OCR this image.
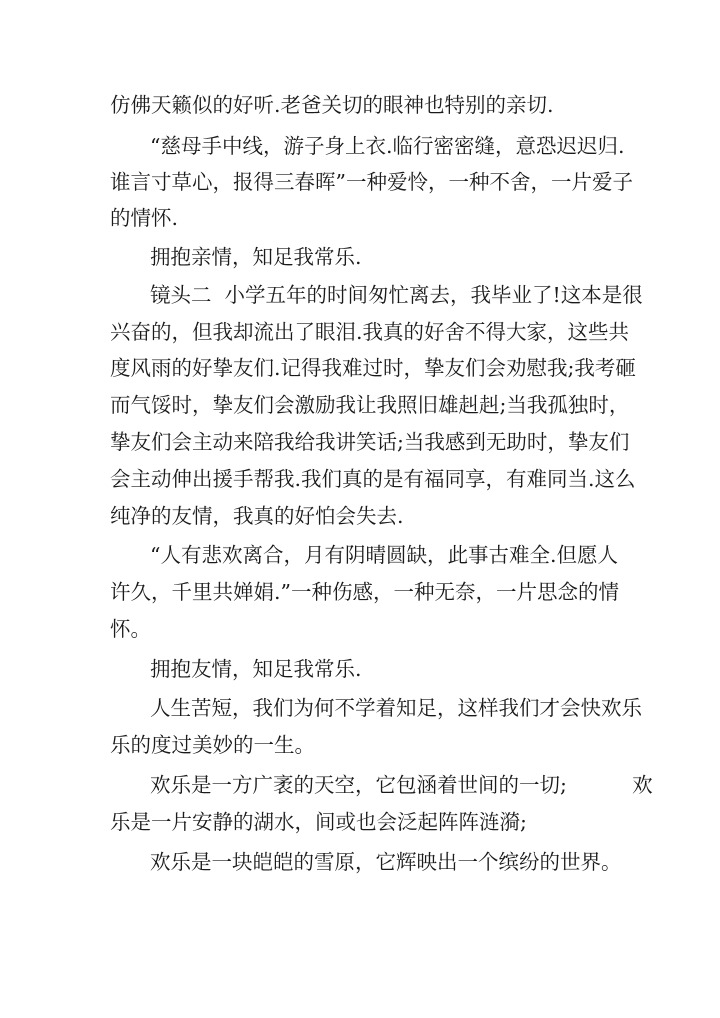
仿佛天籁似的好听.老爸关切的眼神也特别的亲切.
“慈母手中线，游子身上衣.临行密密缝，意恐迟迟归.
谁言寸草心，报得三春晖”一种爱怜，一种不舍，一片爱子
的情怀.
拥抱亲情，知足我常乐.
镜头二  小学五年的时间匆忙离去，我毕业了!这本是很
兴奋的，但我却流出了眼泪.我真的好舍不得大家，这些共
度风雨的好挚友们.记得我难过时，挚友们会劝慰我;我考砸
而气馁时，挚友们会激励我让我照旧雄赳赳;当我孤独时，
挚友们会主动来陪我给我讲笑话;当我感到无助时，挚友们
会主动伸出援手帮我.我们真的是有福同享，有难同当.这么
纯净的友情，我真的好怕会失去.
“人有悲欢离合，月有阴晴圆缺，此事古难全.但愿人
许久，千里共婵娟.”一种伤感，一种无奈，一片思念的情
怀。
拥抱友情，知足我常乐.
人生苦短，我们为何不学着知足，这样我们才会快欢乐
乐的度过美妙的一生。
欢乐是一方广袤的天空，它包涵着世间的一切;          欢
乐是一片安静的湖水，间或也会泛起阵阵涟漪;
欢乐是一块皑皑的雪原，它辉映出一个缤纷的世界。
